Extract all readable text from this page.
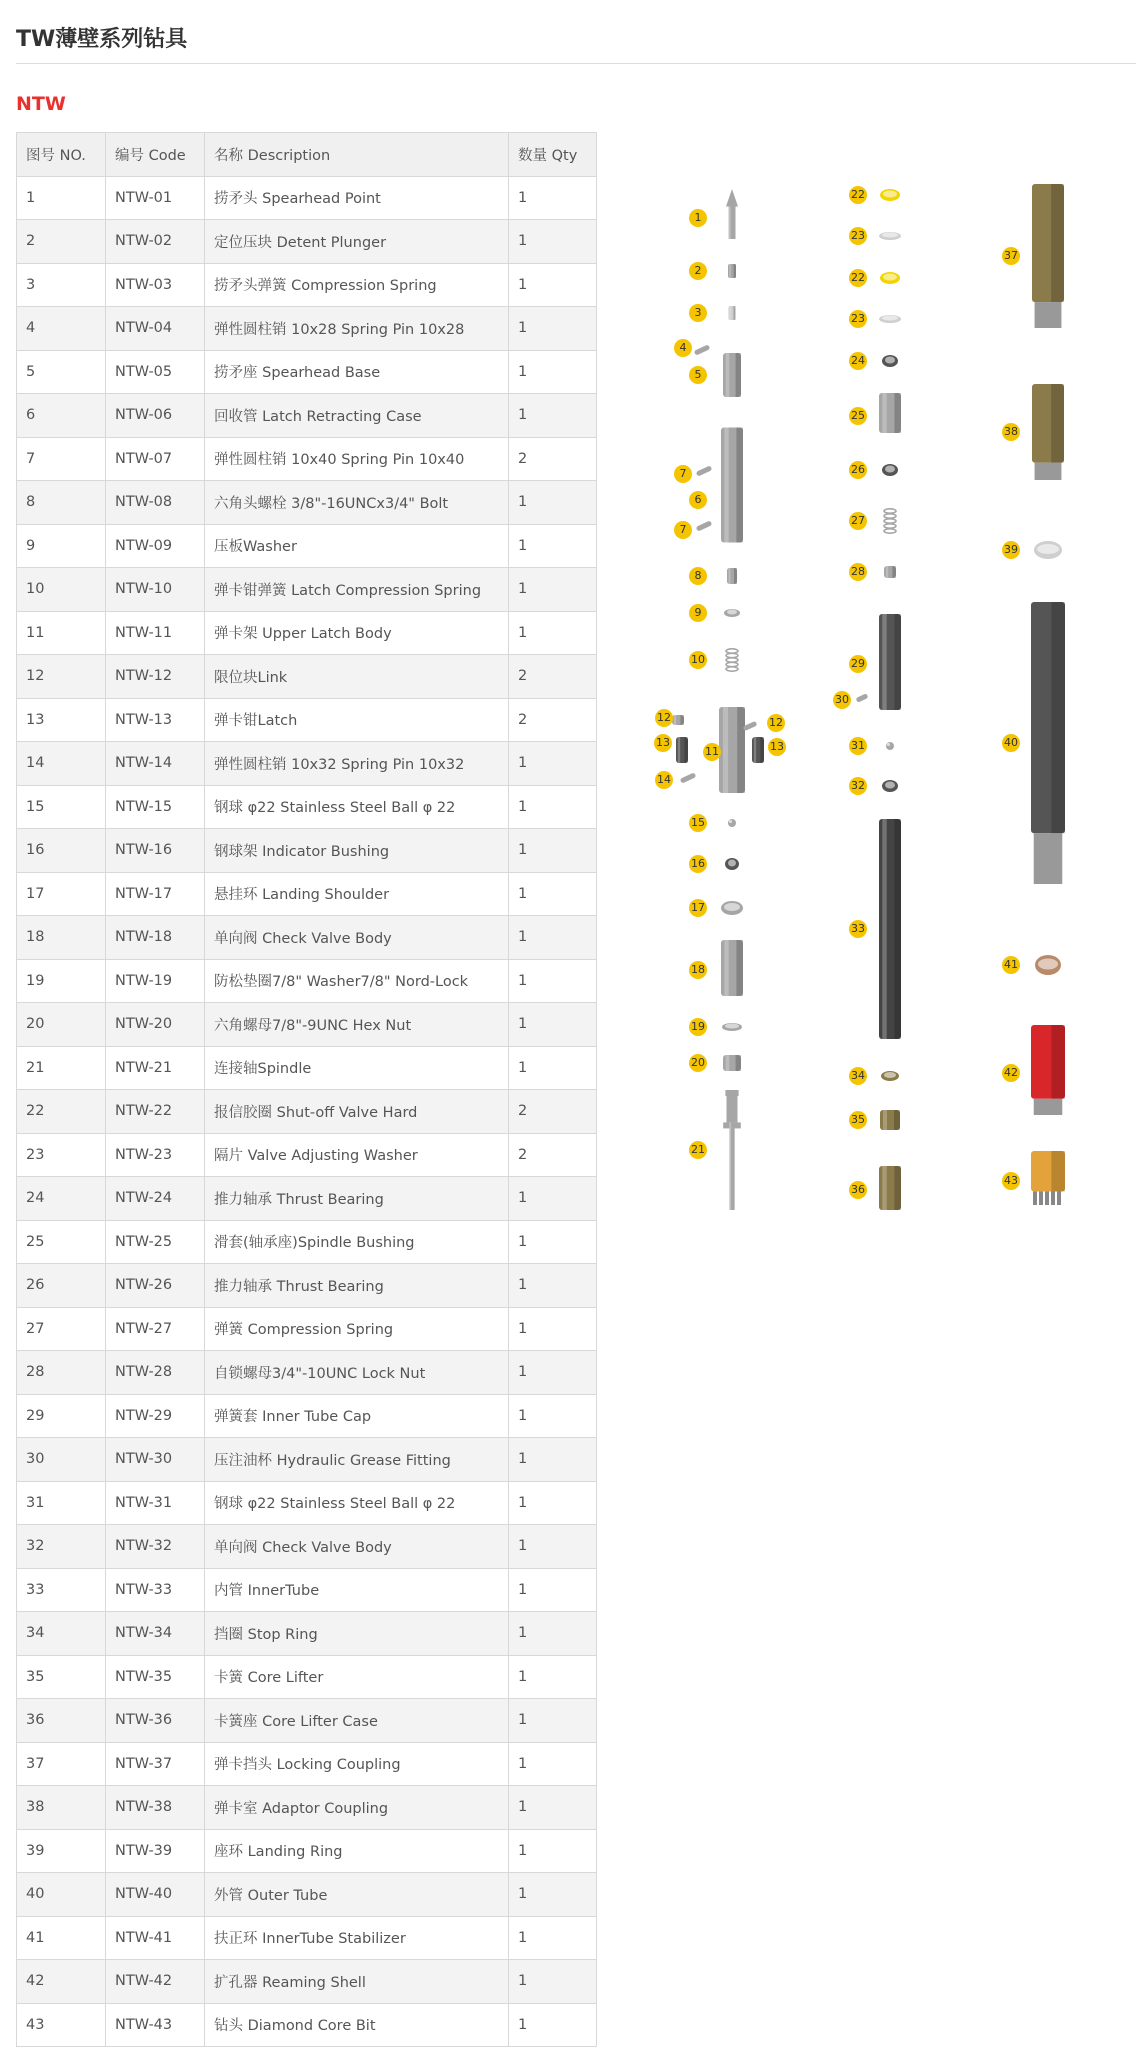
TW薄壁系列钻具
NTW
图号 NO.	编号 Code	名称 Description	数量 Qty
1	NTW-01	捞矛头 Spearhead Point	1
2	NTW-02	定位压块 Detent Plunger	1
3	NTW-03	捞矛头弹簧 Compression Spring	1
4	NTW-04	弹性圆柱销 10x28 Spring Pin 10x28	1
5	NTW-05	捞矛座 Spearhead Base	1
6	NTW-06	回收管 Latch Retracting Case	1
7	NTW-07	弹性圆柱销 10x40 Spring Pin 10x40	2
8	NTW-08	六角头螺栓 3/8"-16UNCx3/4" Bolt	1
9	NTW-09	压板Washer	1
10	NTW-10	弹卡钳弹簧 Latch Compression Spring	1
11	NTW-11	弹卡架 Upper Latch Body	1
12	NTW-12	限位块Link	2
13	NTW-13	弹卡钳Latch	2
14	NTW-14	弹性圆柱销 10x32 Spring Pin 10x32	1
15	NTW-15	钢球 φ22 Stainless Steel Ball φ 22	1
16	NTW-16	钢球架 Indicator Bushing	1
17	NTW-17	悬挂环 Landing Shoulder	1
18	NTW-18	单向阀 Check Valve Body	1
19	NTW-19	防松垫圈7/8" Washer7/8" Nord-Lock	1
20	NTW-20	六角螺母7/8"-9UNC Hex Nut	1
21	NTW-21	连接轴Spindle	1
22	NTW-22	报信胶圈 Shut-off Valve Hard	2
23	NTW-23	隔片 Valve Adjusting Washer	2
24	NTW-24	推力轴承 Thrust Bearing	1
25	NTW-25	滑套(轴承座)Spindle Bushing	1
26	NTW-26	推力轴承 Thrust Bearing	1
27	NTW-27	弹簧 Compression Spring	1
28	NTW-28	自锁螺母3/4"-10UNC Lock Nut	1
29	NTW-29	弹簧套 Inner Tube Cap	1
30	NTW-30	压注油杯 Hydraulic Grease Fitting	1
31	NTW-31	钢球 φ22 Stainless Steel Ball φ 22	1
32	NTW-32	单向阀 Check Valve Body	1
33	NTW-33	内管 InnerTube	1
34	NTW-34	挡圈 Stop Ring	1
35	NTW-35	卡簧 Core Lifter	1
36	NTW-36	卡簧座 Core Lifter Case	1
37	NTW-37	弹卡挡头 Locking Coupling	1
38	NTW-38	弹卡室 Adaptor Coupling	1
39	NTW-39	座环 Landing Ring	1
40	NTW-40	外管 Outer Tube	1
41	NTW-41	扶正环 InnerTube Stabilizer	1
42	NTW-42	扩孔器 Reaming Shell	1
43	NTW-43	钻头 Diamond Core Bit	1
1
2
3
5
6
7
7
8
9
10
15
16
17
18
19
20
21
4
11
12	12
13	13
14
22
23
22
23
24
25
26
27
28
29
30
31
32
33
34
35
36
37
38
39
40
41
42
43
